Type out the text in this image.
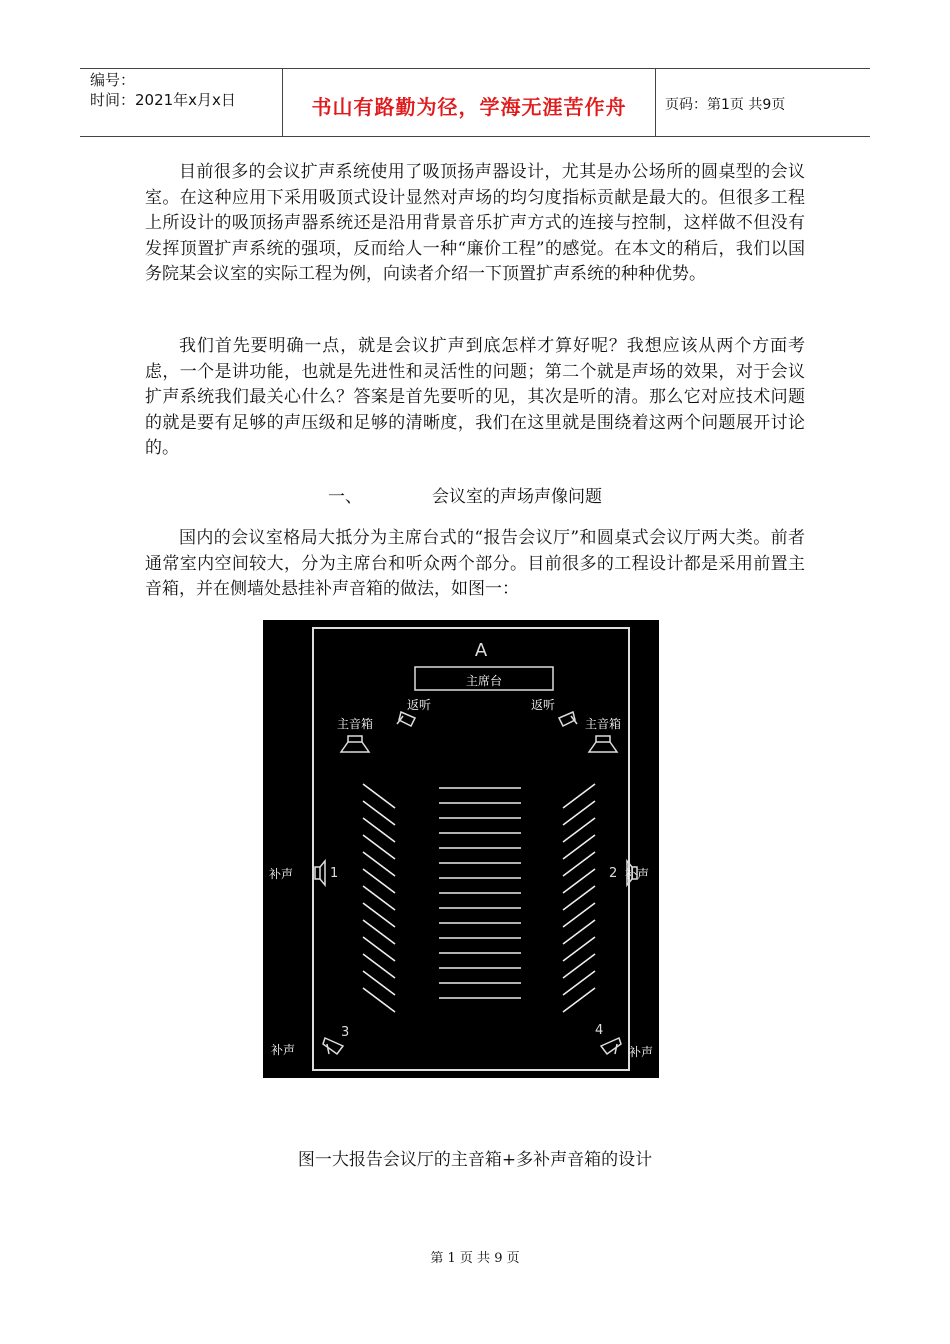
编号：
时间：2021年x月x日	书山有路勤为径，学海无涯苦作舟	页码：第1页 共9页

目前很多的会议扩声系统使用了吸顶扬声器设计，尤其是办公场所的圆桌型的会议室。在这种应用下采用吸顶式设计显然对声场的均匀度指标贡献是最大的。但很多工程上所设计的吸顶扬声器系统还是沿用背景音乐扩声方式的连接与控制，这样做不但没有发挥顶置扩声系统的强项，反而给人一种“廉价工程”的感觉。在本文的稍后，我们以国务院某会议室的实际工程为例，向读者介绍一下顶置扩声系统的种种优势。

我们首先要明确一点，就是会议扩声到底怎样才算好呢？我想应该从两个方面考虑，一个是讲功能，也就是先进性和灵活性的问题；第二个就是声场的效果，对于会议扩声系统我们最关心什么？答案是首先要听的见，其次是听的清。那么它对应技术问题的就是要有足够的声压级和足够的清晰度，我们在这里就是围绕着这两个问题展开讨论的。

一、	会议室的声场声像问题

国内的会议室格局大抵分为主席台式的“报告会议厅”和圆桌式会议厅两大类。前者通常室内空间较大，分为主席台和听众两个部分。目前很多的工程设计都是采用前置主音箱，并在侧墙处悬挂补声音箱的做法，如图一：

A
主席台
返听	返听
主音箱	主音箱
补声	补声
1	2
3	4
补声	补声
图一大报告会议厅的主音箱+多补声音箱的设计
第 1 页 共 9 页
